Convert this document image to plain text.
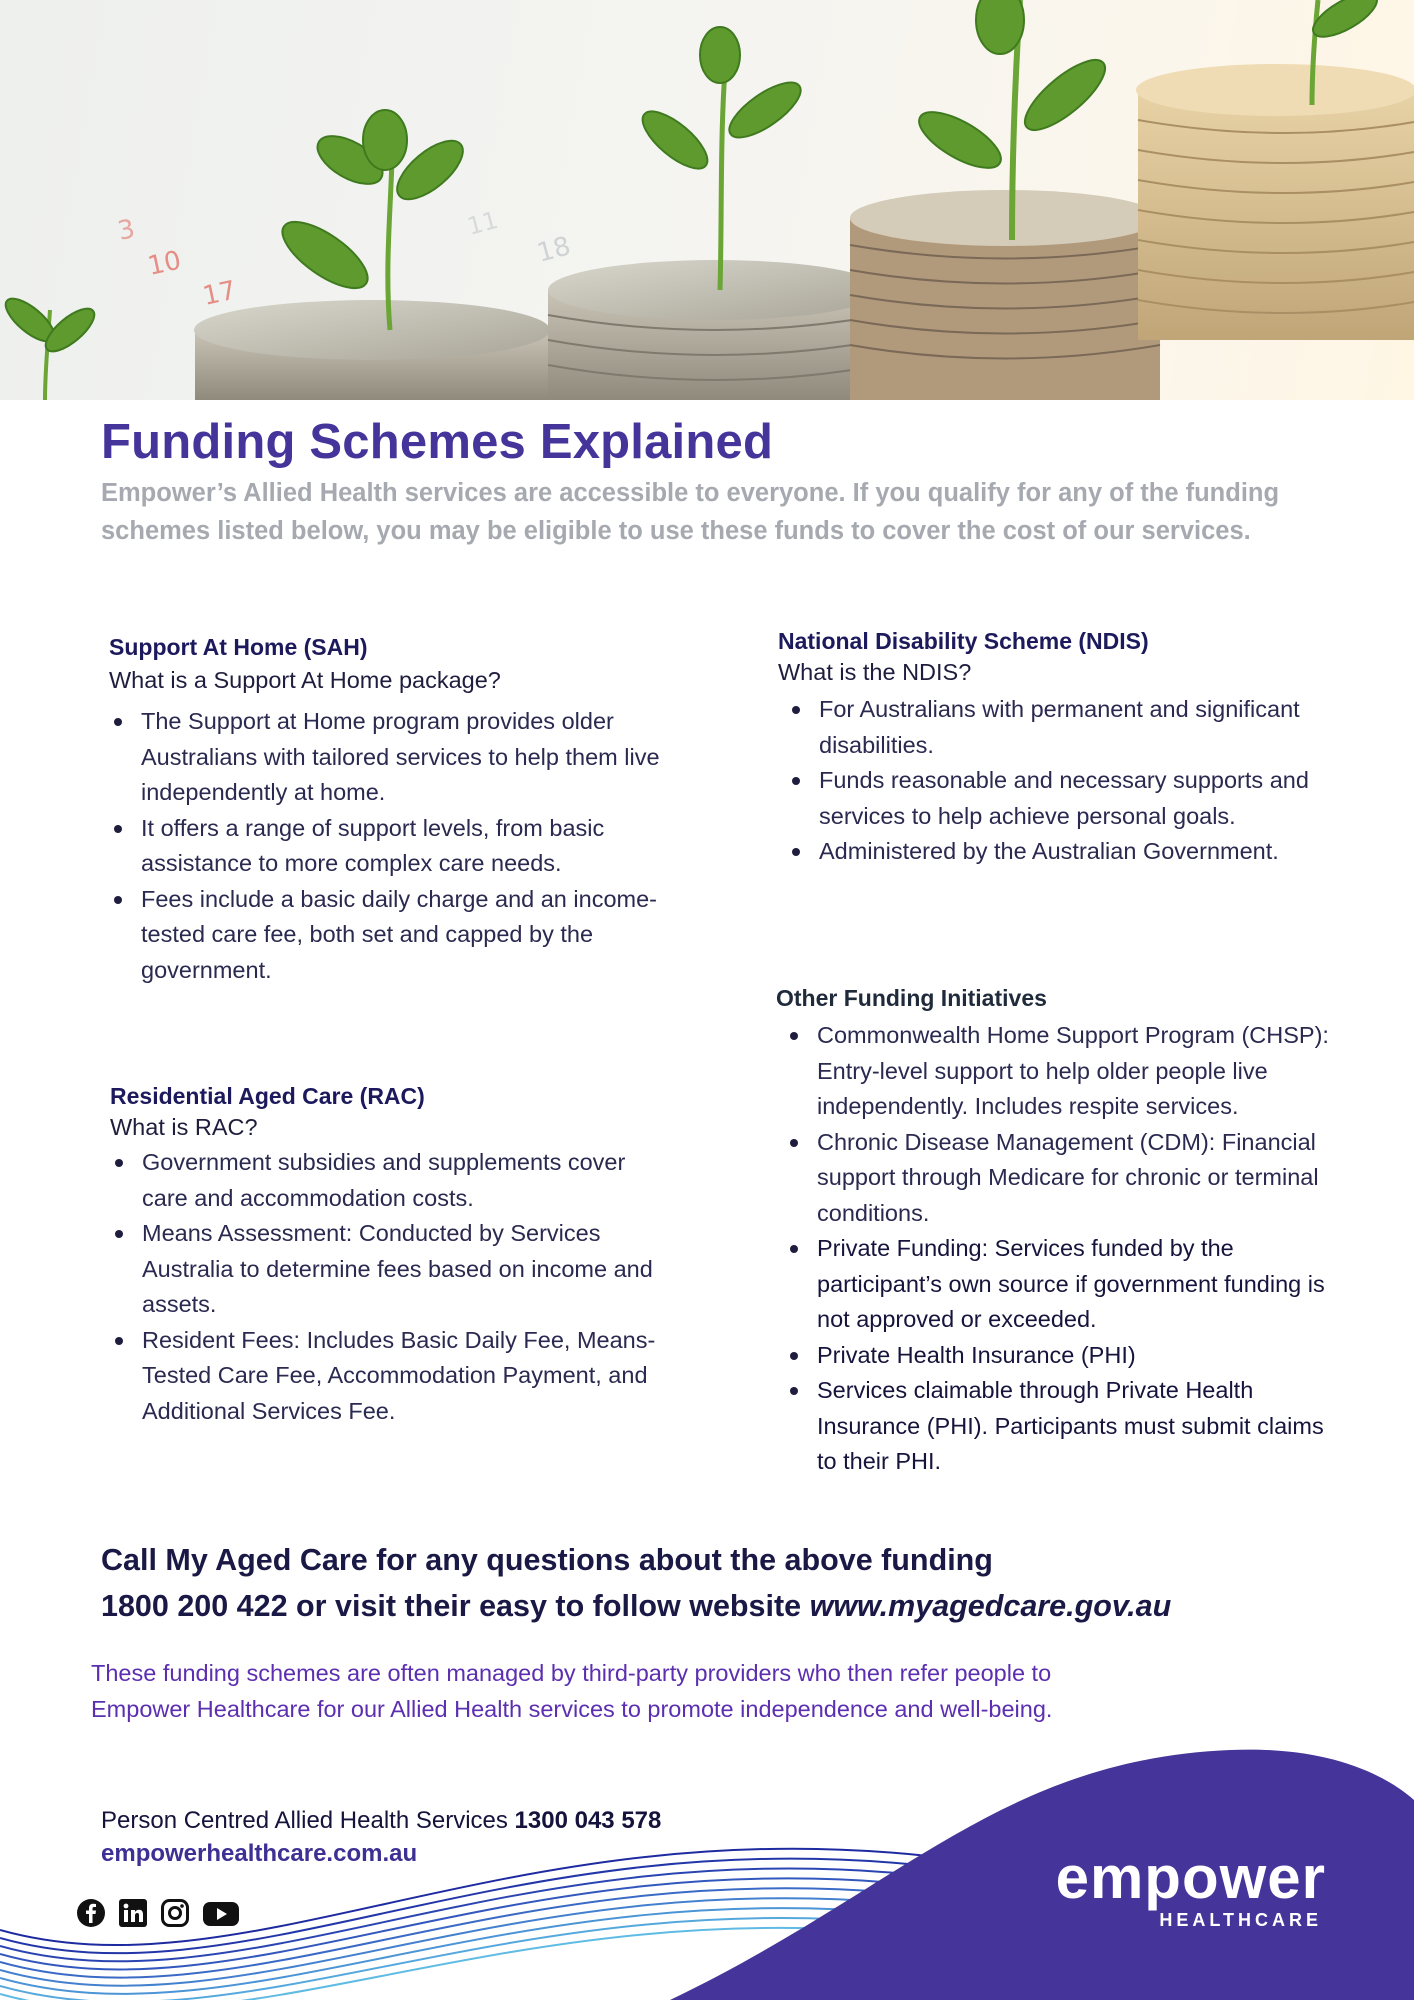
3
10
17
18
11
Funding Schemes Explained

Empower’s Allied Health services are accessible to everyone. If you qualify for any of the funding schemes listed below, you may be eligible to use these funds to cover the cost of our services.

Support At Home (SAH)

What is a Support At Home package?

The Support at Home program provides older Australians with tailored services to help them live independently at home.
It offers a range of support levels, from basic assistance to more complex care needs.
Fees include a basic daily charge and an income-tested care fee, both set and capped by the government.
Residential Aged Care (RAC)

What is RAC?

Government subsidies and supplements cover care and accommodation costs.
Means Assessment: Conducted by Services Australia to determine fees based on income and assets.
Resident Fees: Includes Basic Daily Fee, Means-Tested Care Fee, Accommodation Payment, and Additional Services Fee.
National Disability Scheme (NDIS)

What is the NDIS?

For Australians with permanent and significant disabilities.
Funds reasonable and necessary supports and services to help achieve personal goals.
Administered by the Australian Government.
Other Funding Initiatives
Commonwealth Home Support Program (CHSP): Entry-level support to help older people live independently. Includes respite services.
Chronic Disease Management (CDM): Financial support through Medicare for chronic or terminal conditions.
Private Funding: Services funded by the participant’s own source if government funding is not approved or exceeded.
Private Health Insurance (PHI)
Services claimable through Private Health Insurance (PHI). Participants must submit claims to their PHI.
Call My Aged Care for any questions about the above funding
1800 200 422 or visit their easy to follow website www.myagedcare.gov.au

These funding schemes are often managed by third-party providers who then refer people to Empower Healthcare for our Allied Health services to promote independence and well-being.

Person Centred Allied Health Services 1300 043 578
empowerhealthcare.com.au	empower
HEALTHCARE
